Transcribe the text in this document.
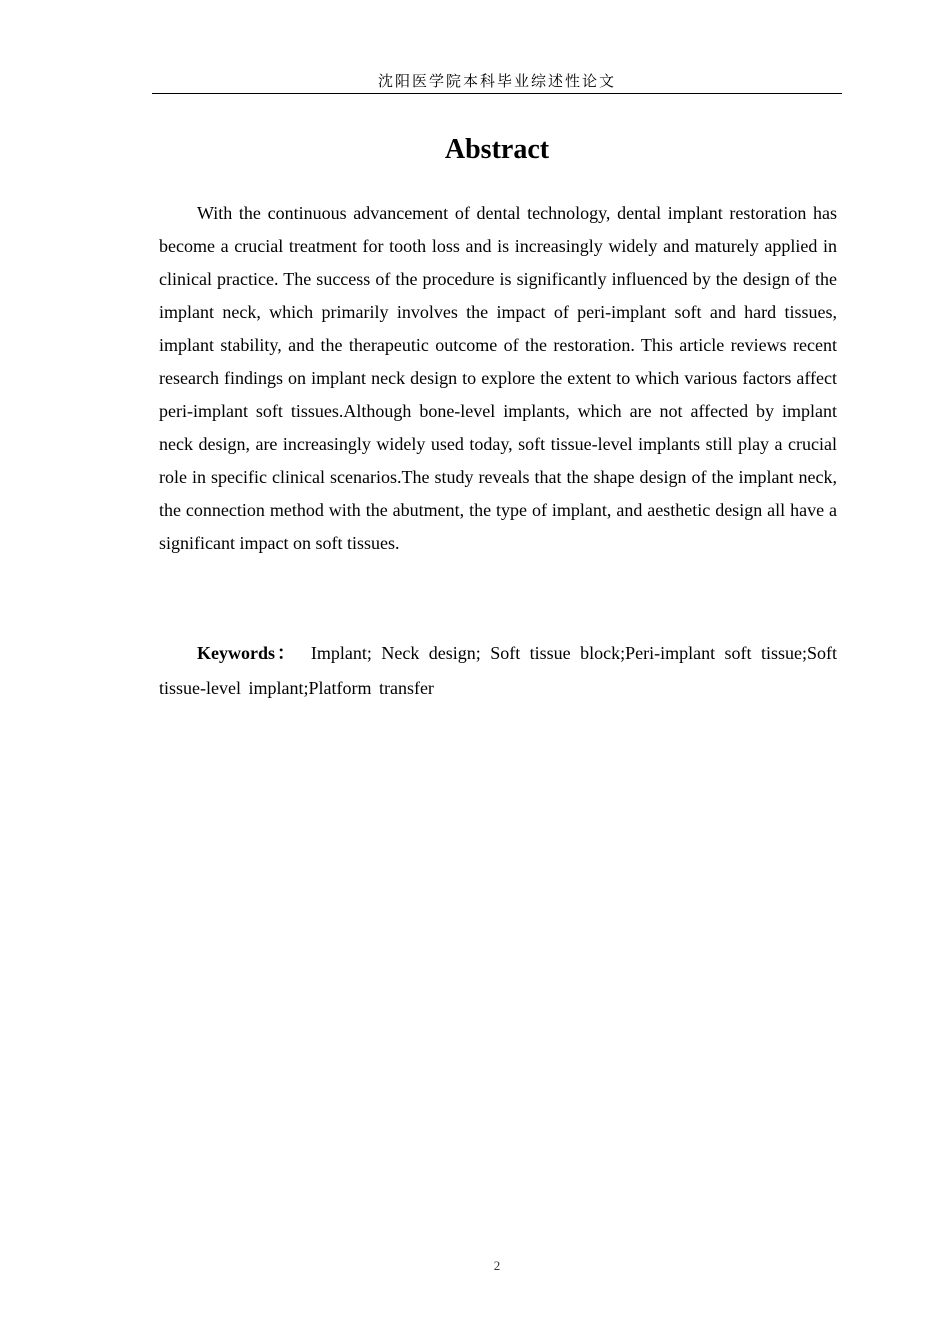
沈阳医学院本科毕业综述性论文
Abstract

With the continuous advancement of dental technology, dental implant restoration has become a crucial treatment for tooth loss and is increasingly widely and maturely applied in clinical practice. The success of the procedure is significantly influenced by the design of the implant neck, which primarily involves the impact of peri-implant soft and hard tissues, implant stability, and the therapeutic outcome of the restoration. This article reviews recent research findings on implant neck design to explore the extent to which various factors affect peri-implant soft tissues.Although bone-level implants, which are not affected by implant neck design, are increasingly widely used today, soft tissue-level implants still play a crucial role in specific clinical scenarios.The study reveals that the shape design of the implant neck, the connection method with the abutment, the type of implant, and aesthetic design all have a significant impact on soft tissues.

Keywords： Implant; Neck design; Soft tissue block;Peri-implant soft tissue;Soft tissue-level implant;Platform transfer

2
